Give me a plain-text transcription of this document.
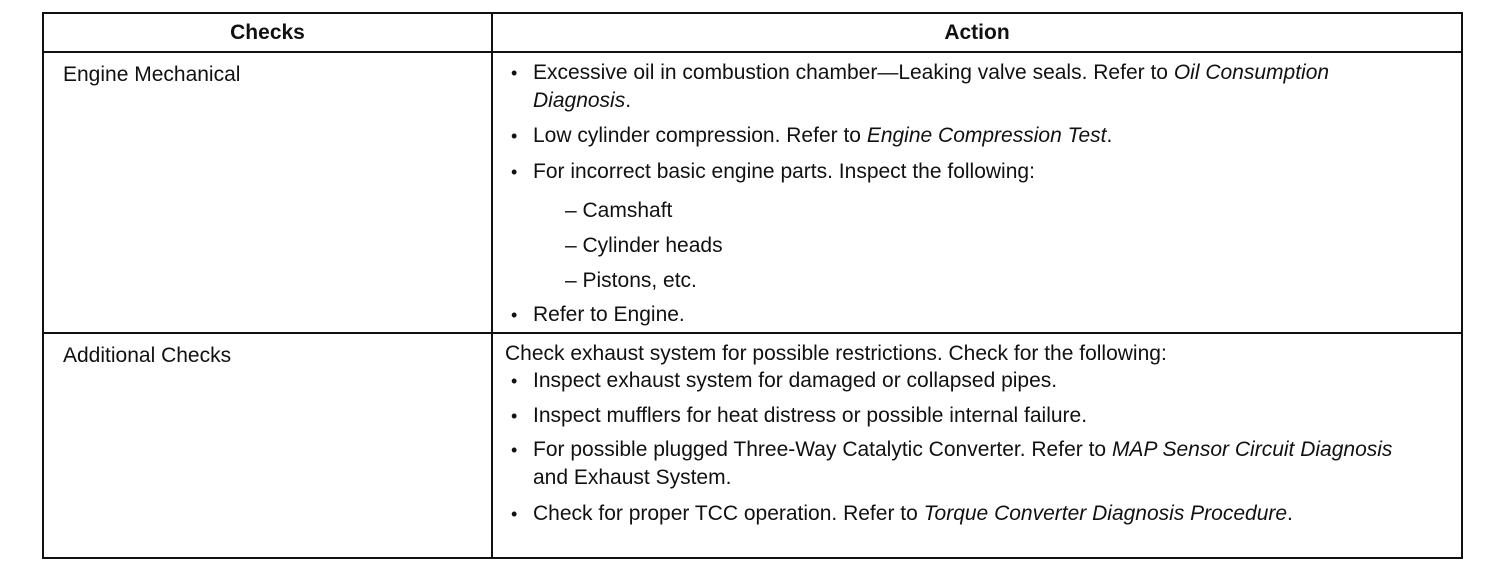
Checks	Action
Engine Mechanical	• Excessive oil in combustion chamber—Leaking valve seals. Refer to Oil Consumption Diagnosis.
• Low cylinder compression. Refer to Engine Compression Test.
• For incorrect basic engine parts. Inspect the following:
– Camshaft
– Cylinder heads
– Pistons, etc.
• Refer to Engine.
Additional Checks	Check exhaust system for possible restrictions. Check for the following:
• Inspect exhaust system for damaged or collapsed pipes.
• Inspect mufflers for heat distress or possible internal failure.
• For possible plugged Three-Way Catalytic Converter. Refer to MAP Sensor Circuit Diagnosis and Exhaust System.
• Check for proper TCC operation. Refer to Torque Converter Diagnosis Procedure.
